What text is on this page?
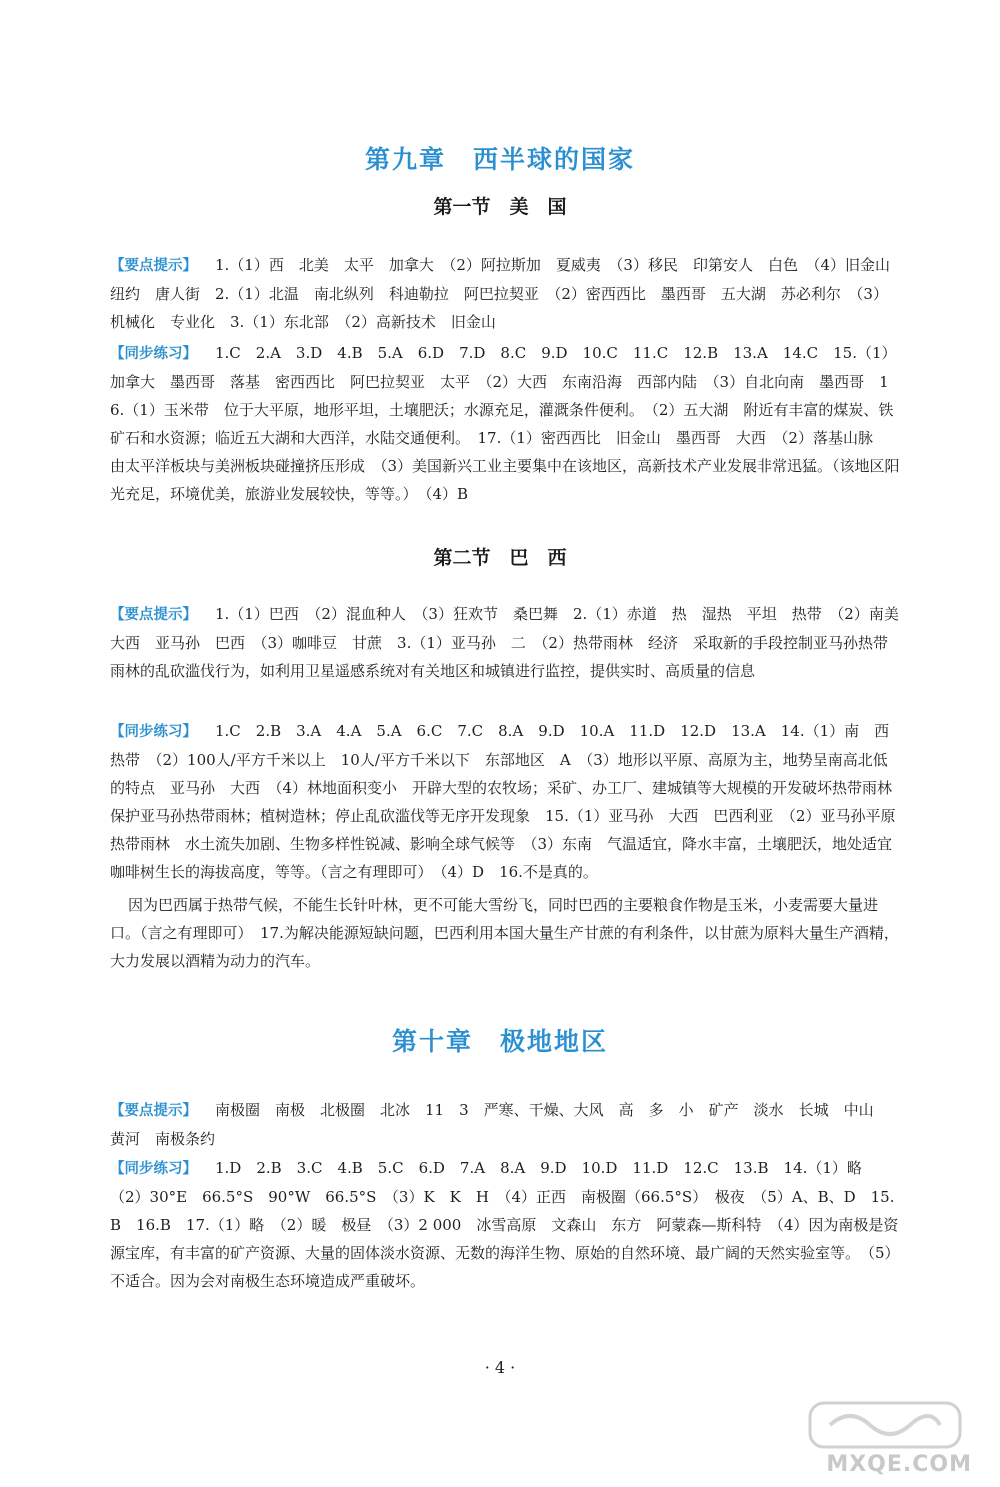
第九章　西半球的国家
第一节　美　国
【要点提示】 1.（1）西　北美　太平　加拿大　（2）阿拉斯加　夏威夷　（3）移民　印第安人　白色　（4）旧金山　纽约　唐人街　2.（1）北温　南北纵列　科迪勒拉　阿巴拉契亚　（2）密西西比　墨西哥　五大湖　苏必利尔　（3）机械化　专业化　3.（1）东北部　（2）高新技术　旧金山
【同步练习】 1.C　2.A　3.D　4.B　5.A　6.D　7.D　8.C　9.D　10.C　11.C　12.B　13.A　14.C　15.（1）加拿大　墨西哥　落基　密西西比　阿巴拉契亚　太平　（2）大西　东南沿海　西部内陆　（3）自北向南　墨西哥　16.（1）玉米带　位于大平原，地形平坦，土壤肥沃；水源充足，灌溉条件便利。　（2）五大湖　附近有丰富的煤炭、铁矿石和水资源；临近五大湖和大西洋，水陆交通便利。　17.（1）密西西比　旧金山　墨西哥　大西　（2）落基山脉　由太平洋板块与美洲板块碰撞挤压形成　（3）美国新兴工业主要集中在该地区，高新技术产业发展非常迅猛。（该地区阳光充足，环境优美，旅游业发展较快，等等。）　（4）B
第二节　巴　西
【要点提示】 1.（1）巴西　（2）混血种人　（3）狂欢节　桑巴舞　2.（1）赤道　热　湿热　平坦　热带　（2）南美　大西　亚马孙　巴西　（3）咖啡豆　甘蔗　3.（1）亚马孙　二　（2）热带雨林　经济　采取新的手段控制亚马孙热带雨林的乱砍滥伐行为，如利用卫星遥感系统对有关地区和城镇进行监控，提供实时、高质量的信息
【同步练习】 1.C　2.B　3.A　4.A　5.A　6.C　7.C　8.A　9.D　10.A　11.D　12.D　13.A　14.（1）南　西　热带　（2）100人/平方千米以上　10人/平方千米以下　东部地区　A　（3）地形以平原、高原为主，地势呈南高北低的特点　亚马孙　大西　（4）林地面积变小　开辟大型的农牧场；采矿、办工厂、建城镇等大规模的开发破坏热带雨林　保护亚马孙热带雨林；植树造林；停止乱砍滥伐等无序开发现象　15.（1）亚马孙　大西　巴西利亚　（2）亚马孙平原　热带雨林　水土流失加剧、生物多样性锐减、影响全球气候等　（3）东南　气温适宜，降水丰富，土壤肥沃，地处适宜咖啡树生长的海拔高度，等等。（言之有理即可）　（4）D　16.不是真的。
因为巴西属于热带气候，不能生长针叶林，更不可能大雪纷飞，同时巴西的主要粮食作物是玉米，小麦需要大量进口。（言之有理即可）　17.为解决能源短缺问题，巴西利用本国大量生产甘蔗的有利条件，以甘蔗为原料大量生产酒精，大力发展以酒精为动力的汽车。
第十章　极地地区
【要点提示】 南极圈　南极　北极圈　北冰　11　3　严寒、干燥、大风　高　多　小　矿产　淡水　长城　中山　黄河　南极条约
【同步练习】 1.D　2.B　3.C　4.B　5.C　6.D　7.A　8.A　9.D　10.D　11.D　12.C　13.B　14.（1）略　（2）30°E　66.5°S　90°W　66.5°S　（3）K　K　H　（4）正西　南极圈（66.5°S）　极夜　（5）A、B、D　15.B　16.B　17.（1）略　（2）暖　极昼　（3）2 000　冰雪高原　文森山　东方　阿蒙森—斯科特　（4）因为南极是资源宝库，有丰富的矿产资源、大量的固体淡水资源、无数的海洋生物、原始的自然环境、最广阔的天然实验室等。　（5）不适合。因为会对南极生态环境造成严重破坏。
· 4 ·
MXQE.COM
